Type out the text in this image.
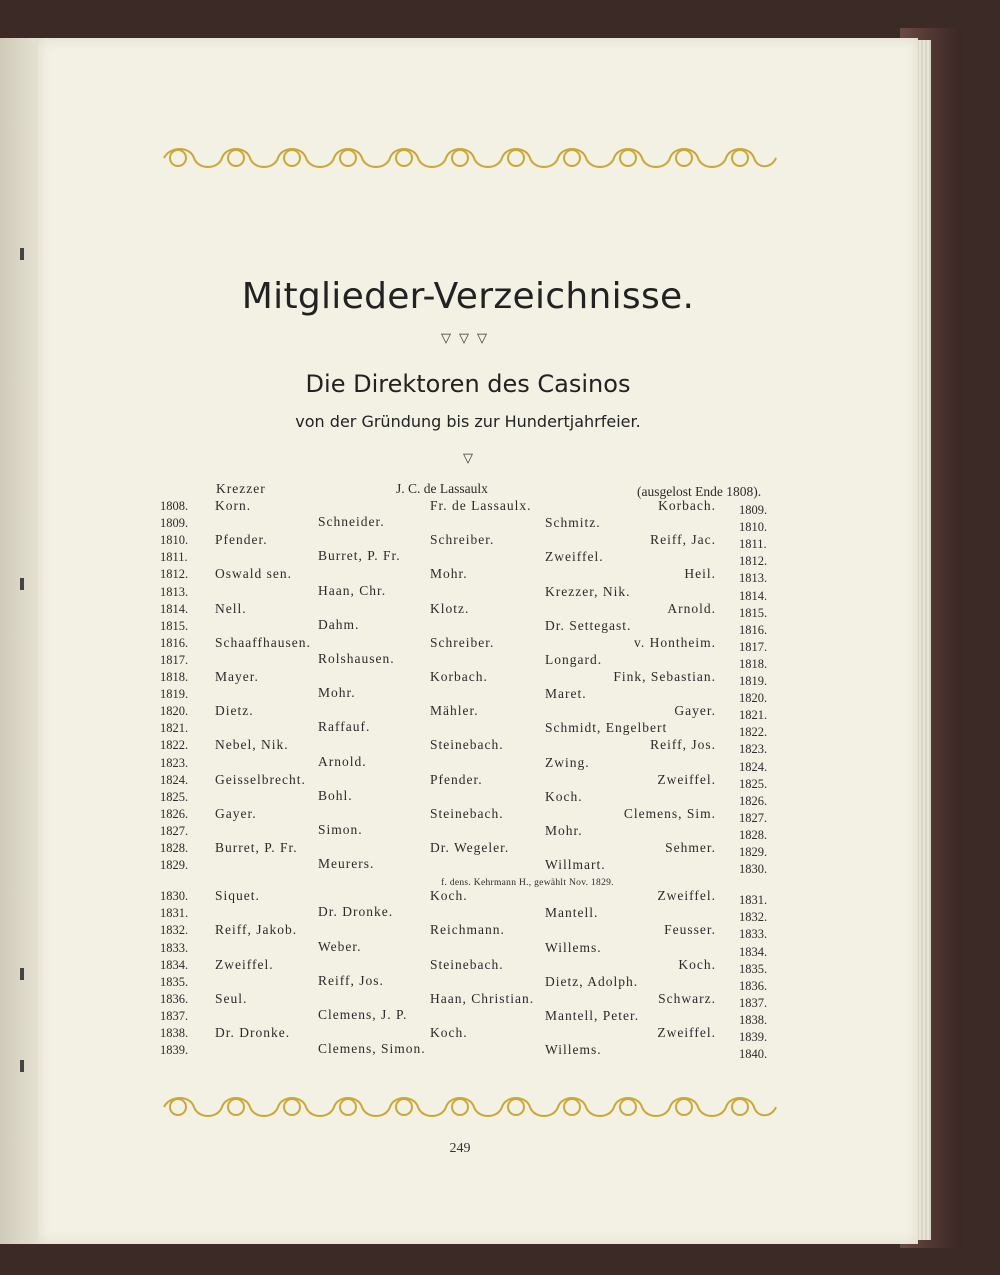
Mitglieder-Verzeichnisse.
▽▽▽
Die Direktoren des Casinos
von der Gründung bis zur Hundertjahrfeier.
▽
Krezzer	J. C. de Lassaulx	(ausgelost Ende 1808).
1808. Korn.	Fr. de Lassaulx.	Korbach. 1809.
1809.	Schneider.	Schmitz.	1810.
1810. Pfender.	Schreiber.	Reiff, Jac. 1811.
1811.	Burret, P. Fr.	Zweiffel.	1812.
1812. Oswald sen.	Mohr.	Heil. 1813.
1813.	Haan, Chr.	Krezzer, Nik.	1814.
1814. Nell.	Klotz.	Arnold. 1815.
1815.	Dahm.	Dr. Settegast.	1816.
1816. Schaaffhausen.	Schreiber.	v. Hontheim. 1817.
1817.	Rolshausen.	Longard.	1818.
1818. Mayer.	Korbach.	Fink, Sebastian. 1819.
1819.	Mohr.	Maret.	1820.
1820. Dietz.	Mähler.	Gayer. 1821.
1821.	Raffauf.	Schmidt, Engelbert	1822.
1822. Nebel, Nik.	Steinebach.	Reiff, Jos. 1823.
1823.	Arnold.	Zwing.	1824.
1824. Geisselbrecht.	Pfender.	Zweiffel. 1825.
1825.	Bohl.	Koch.	1826.
1826. Gayer.	Steinebach.	Clemens, Sim. 1827.
1827.	Simon.	Mohr.	1828.
1828. Burret, P. Fr.	Dr. Wegeler.	Sehmer. 1829.
1829.	Meurers.	Willmart.	1830.
1830. Siquet.	Koch.	Zweiffel. 1831.
1831.	Dr. Dronke.	Mantell.	1832.
1832. Reiff, Jakob.	Reichmann.	Feusser. 1833.
1833.	Weber.	Willems.	1834.
1834. Zweiffel.	Steinebach.	Koch. 1835.
1835.	Reiff, Jos.	Dietz, Adolph.	1836.
1836. Seul.	Haan, Christian.	Schwarz. 1837.
1837.	Clemens, J. P.	Mantell, Peter.	1838.
1838. Dr. Dronke.	Koch.	Zweiffel. 1839.
1839.	Clemens, Simon.	Willems.	1840.
f. dens. Kehrmann H., gewählt Nov. 1829.
249
